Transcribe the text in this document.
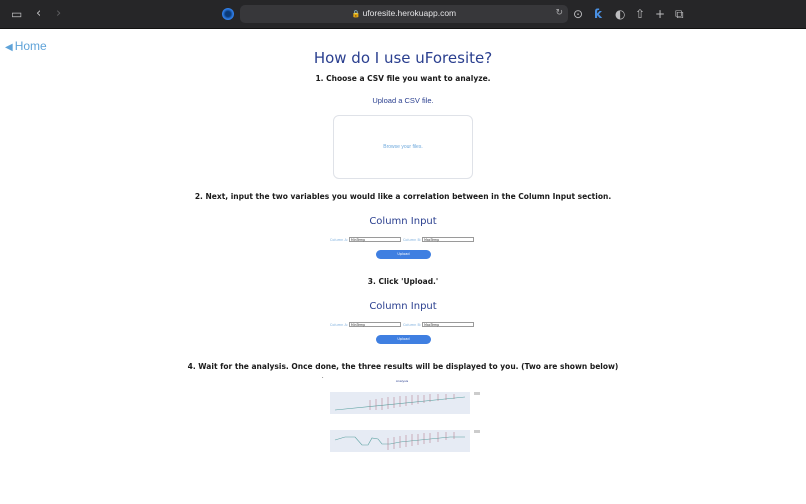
▭ ‹ ›	🔒 uforesite.herokuapp.com	↻ ⊙ ƙ ◐ ⇧ + ⧉
◀ Home
How do I use uForesite?
1. Choose a CSV file you want to analyze.
Upload a CSV file.
Browse your files.
2. Next, input the two variables you would like a correlation between in the Column Input section.
Column Input
Column A: MinTemp	Column B: MaxTemp
Upload
3. Click 'Upload.'
Column Input
Column A: MinTemp	Column B: MaxTemp
Upload
4. Wait for the analysis. Once done, the three results will be displayed to you. (Two are shown below)
▪
Analysis
